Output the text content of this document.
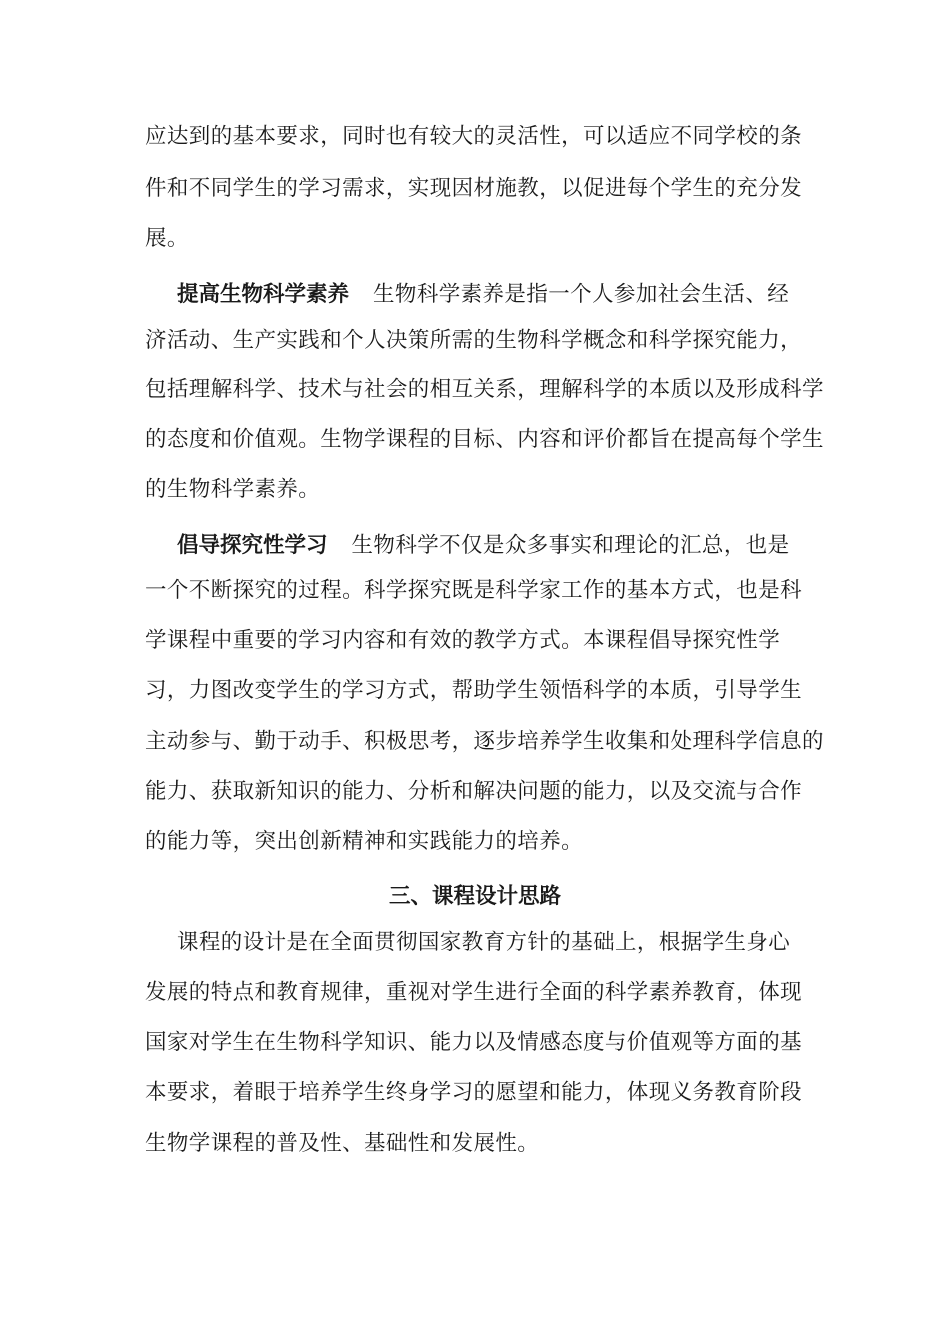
应达到的基本要求，同时也有较大的灵活性，可以适应不同学校的条
件和不同学生的学习需求，实现因材施教，以促进每个学生的充分发
展。
提高生物科学素养 生物科学素养是指一个人参加社会生活、经
济活动、生产实践和个人决策所需的生物科学概念和科学探究能力，
包括理解科学、技术与社会的相互关系，理解科学的本质以及形成科学
的态度和价值观。生物学课程的目标、内容和评价都旨在提高每个学生
的生物科学素养。
倡导探究性学习 生物科学不仅是众多事实和理论的汇总，也是
一个不断探究的过程。科学探究既是科学家工作的基本方式，也是科
学课程中重要的学习内容和有效的教学方式。本课程倡导探究性学
习，力图改变学生的学习方式，帮助学生领悟科学的本质，引导学生
主动参与、勤于动手、积极思考，逐步培养学生收集和处理科学信息的
能力、获取新知识的能力、分析和解决问题的能力，以及交流与合作
的能力等，突出创新精神和实践能力的培养。
三、课程设计思路
课程的设计是在全面贯彻国家教育方针的基础上，根据学生身心
发展的特点和教育规律，重视对学生进行全面的科学素养教育，体现
国家对学生在生物科学知识、能力以及情感态度与价值观等方面的基
本要求，着眼于培养学生终身学习的愿望和能力，体现义务教育阶段
生物学课程的普及性、基础性和发展性。
